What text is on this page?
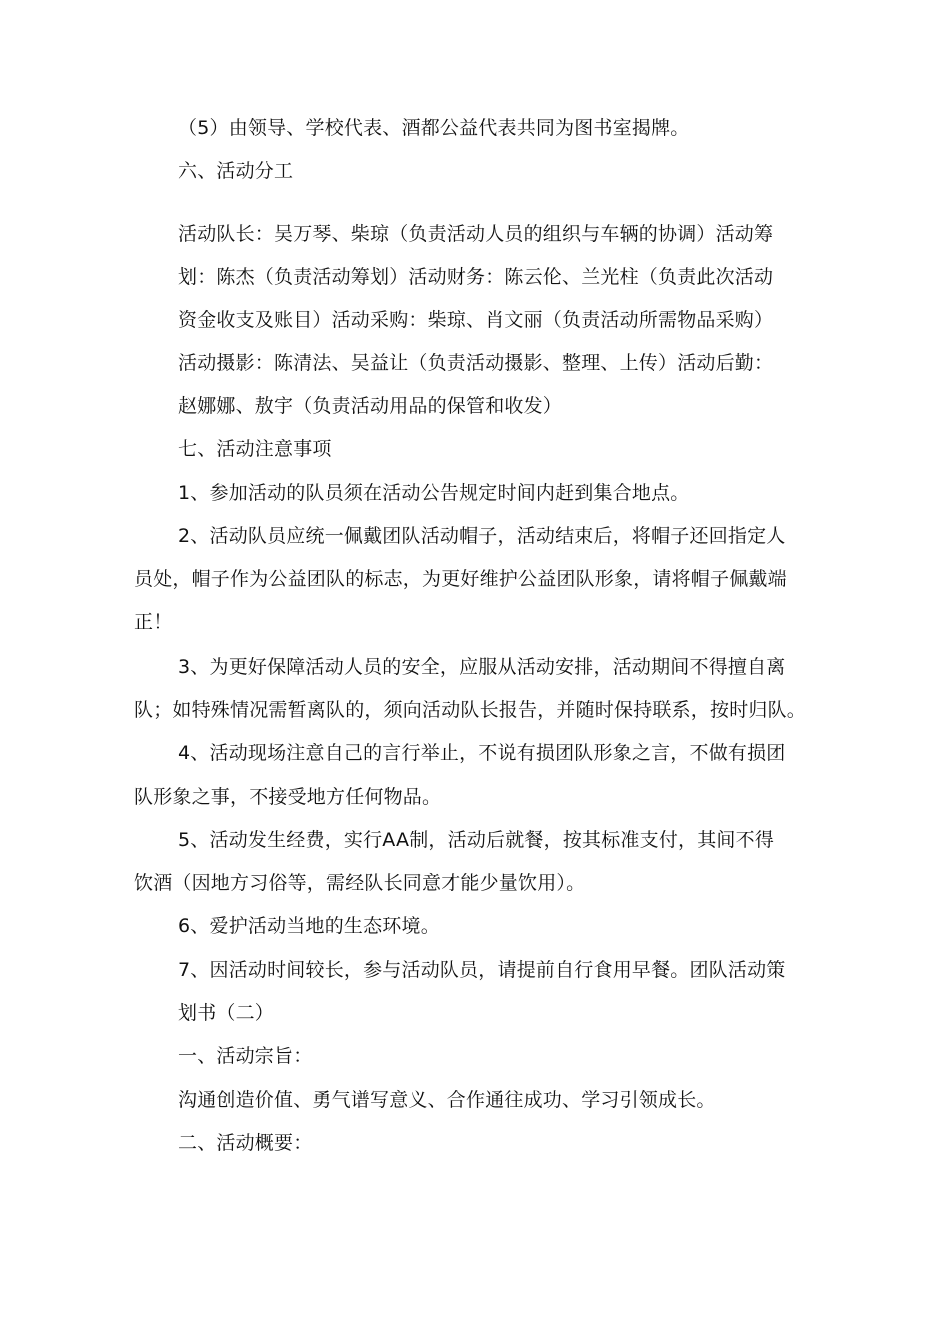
（5）由领导、学校代表、酒都公益代表共同为图书室揭牌。
六、活动分工
活动队长：吴万琴、柴琼（负责活动人员的组织与车辆的协调）活动筹
划：陈杰（负责活动筹划）活动财务：陈云伦、兰光柱（负责此次活动
资金收支及账目）活动采购：柴琼、肖文丽（负责活动所需物品采购）
活动摄影：陈清法、吴益让（负责活动摄影、整理、上传）活动后勤：
赵娜娜、敖宇（负责活动用品的保管和收发）
七、活动注意事项
1、参加活动的队员须在活动公告规定时间内赶到集合地点。
2、活动队员应统一佩戴团队活动帽子，活动结束后，将帽子还回指定人
员处，帽子作为公益团队的标志，为更好维护公益团队形象，请将帽子佩戴端
正！
3、为更好保障活动人员的安全，应服从活动安排，活动期间不得擅自离
队；如特殊情况需暂离队的，须向活动队长报告，并随时保持联系，按时归队。
4、活动现场注意自己的言行举止，不说有损团队形象之言，不做有损团
队形象之事，不接受地方任何物品。
5、活动发生经费，实行AA制，活动后就餐，按其标准支付，其间不得
饮酒（因地方习俗等，需经队长同意才能少量饮用）。
6、爱护活动当地的生态环境。
7、因活动时间较长，参与活动队员，请提前自行食用早餐。团队活动策
划书（二）
一、活动宗旨：
沟通创造价值、勇气谱写意义、合作通往成功、学习引领成长。
二、活动概要：
